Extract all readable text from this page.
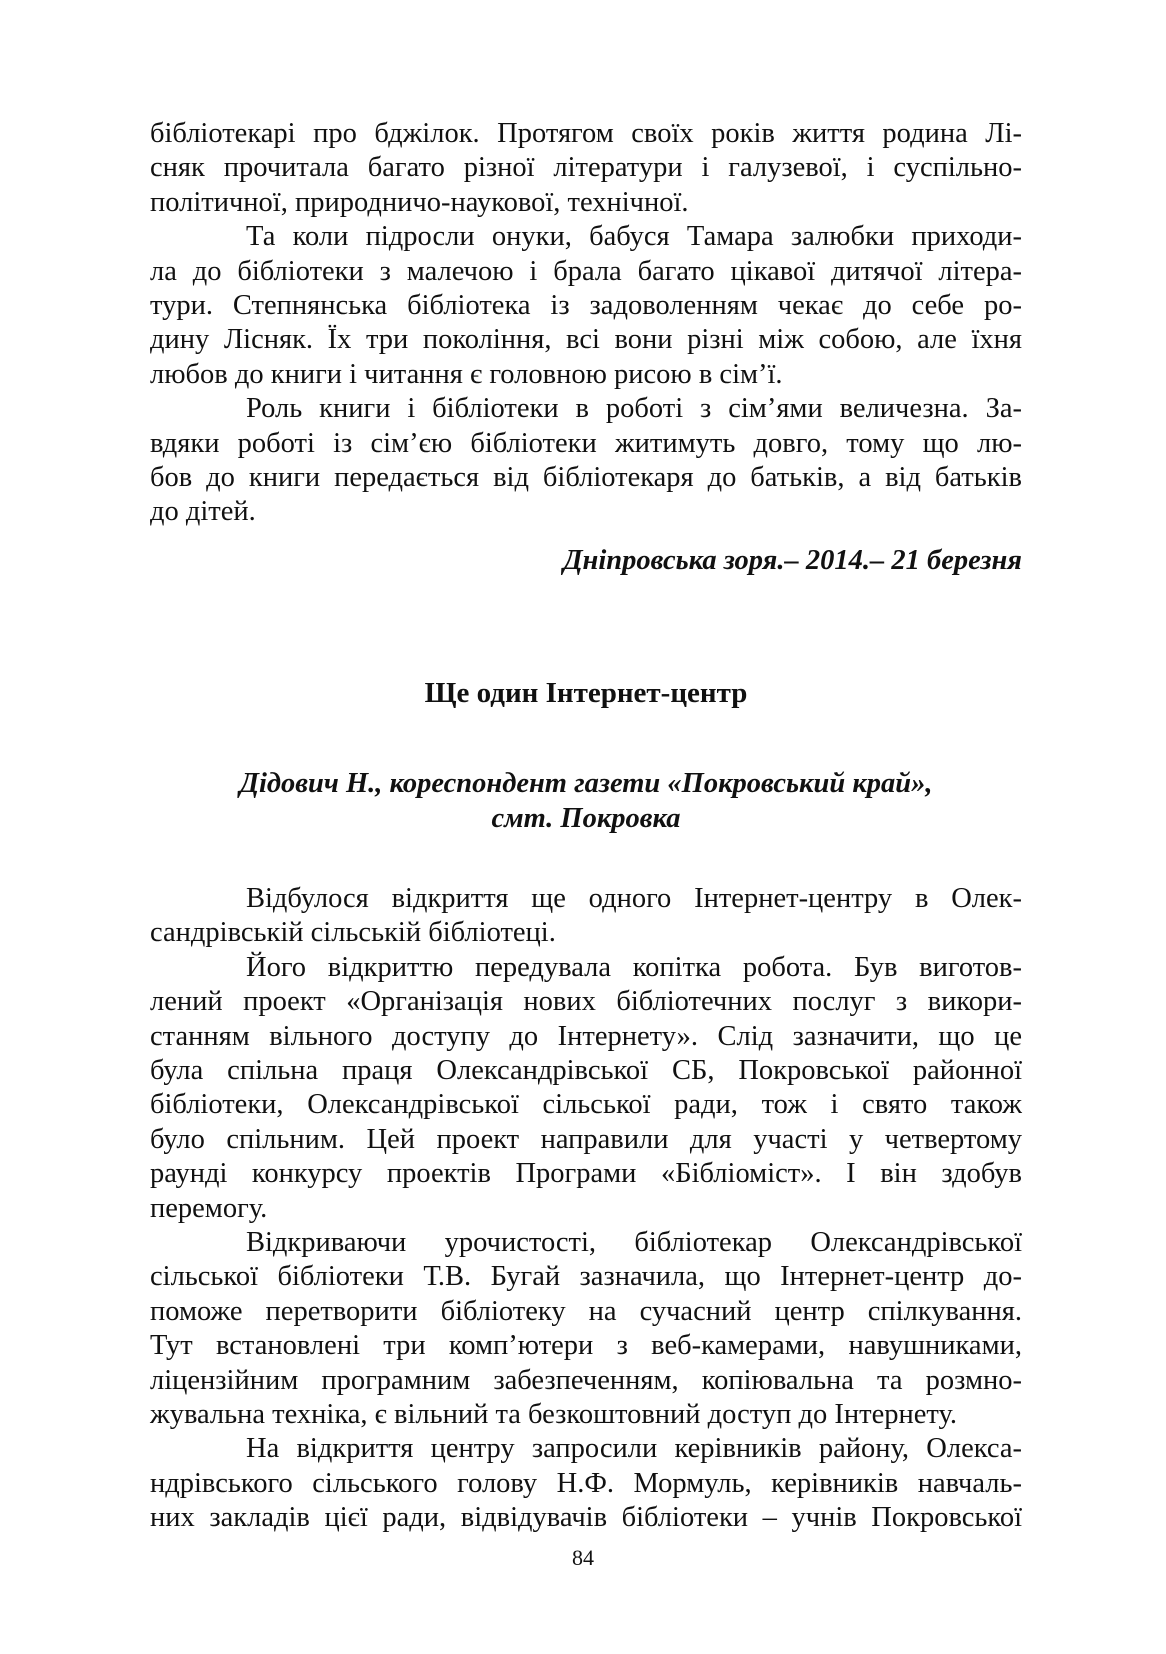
бібліотекарі про бджілок. Протягом своїх років життя родина Лі-
сняк прочитала багато різної літератури і галузевої, і суспільно-
політичної, природничо-наукової, технічної.

Та коли підросли онуки, бабуся Тамара залюбки приходи-
ла до бібліотеки з малечою і брала багато цікавої дитячої літера-
тури. Степнянська бібліотека із задоволенням чекає до себе ро-
дину Лісняк. Їх три покоління, всі вони різні між собою, але їхня
любов до книги і читання є головною рисою в сім’ї.

Роль книги і бібліотеки в роботі з сім’ями величезна. За-
вдяки роботі із сім’єю бібліотеки житимуть довго, тому що лю-
бов до книги передається від бібліотекаря до батьків, а від батьків
до дітей.

Дніпровська зоря.– 2014.– 21 березня

Ще один Інтернет-центр
Дідович Н., кореспондент газети «Покровський край»,
смт. Покровка

Відбулося відкриття ще одного Інтернет-центру в Олек-
сандрівській сільській бібліотеці.

Його відкриттю передувала копітка робота. Був виготов-
лений проект «Організація нових бібліотечних послуг з викори-
станням вільного доступу до Інтернету». Слід зазначити, що це
була спільна праця Олександрівської СБ, Покровської районної
бібліотеки, Олександрівської сільської ради, тож і свято також
було спільним. Цей проект направили для участі у четвертому
раунді конкурсу проектів Програми «Бібліоміст». І він здобув
перемогу.

Відкриваючи урочистості, бібліотекар Олександрівської
сільської бібліотеки Т.В. Бугай зазначила, що Інтернет-центр до-
поможе перетворити бібліотеку на сучасний центр спілкування.
Тут встановлені три комп’ютери з веб-камерами, навушниками,
ліцензійним програмним забезпеченням, копіювальна та розмно-
жувальна техніка, є вільний та безкоштовний доступ до Інтернету.

На відкриття центру запросили керівників району, Олекса-
ндрівського сільського голову Н.Ф. Мормуль, керівників навчаль-
них закладів цієї ради, відвідувачів бібліотеки – учнів Покровської

84
